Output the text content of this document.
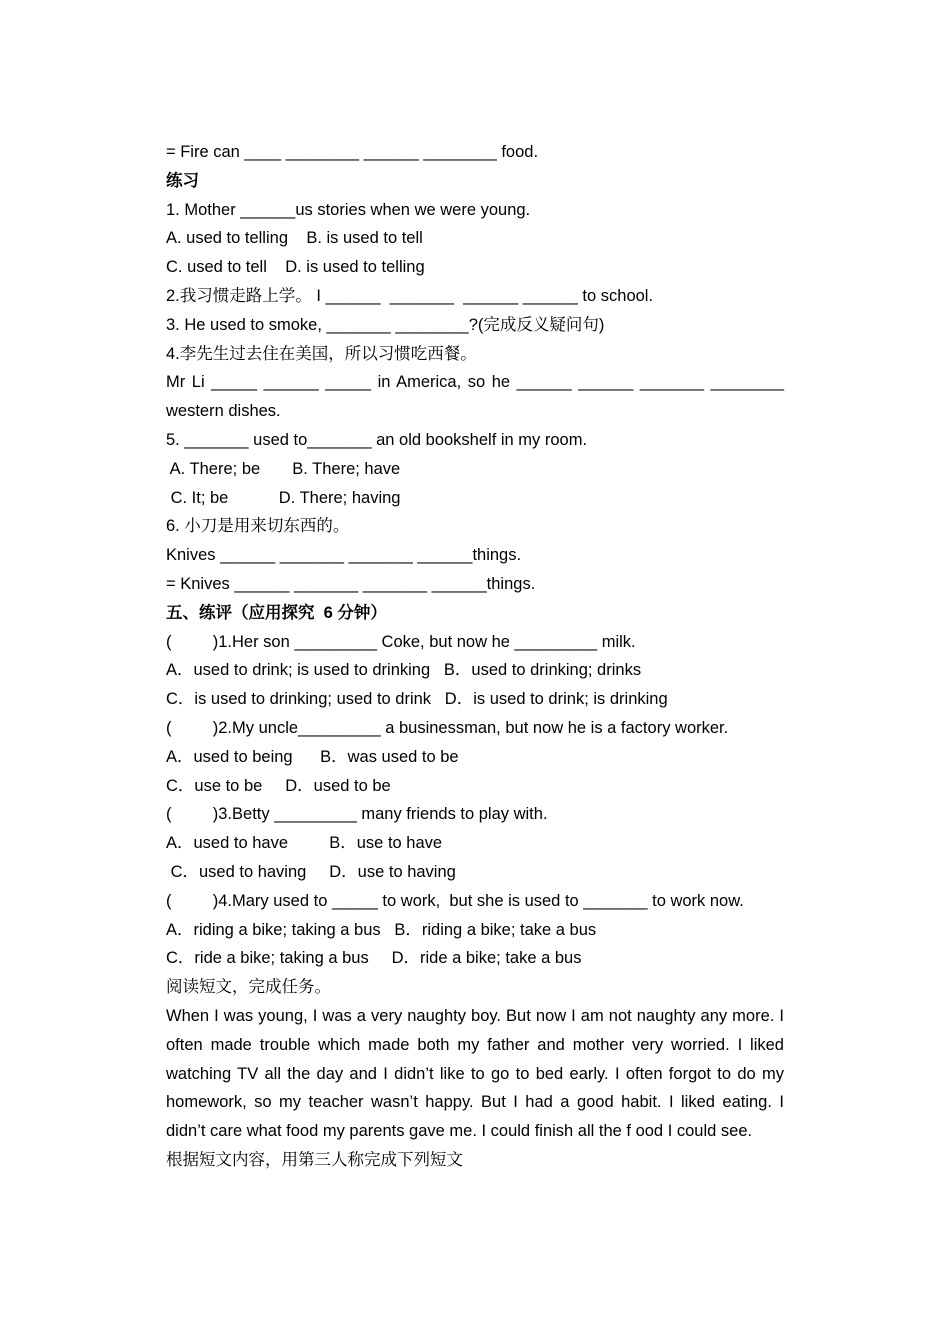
= Fire can ____ ________ ______ ________ food.
练习
1. Mother ______us stories when we were young.
A. used to telling    B. is used to tell
C. used to tell    D. is used to telling
2.我习惯走路上学。 I ______  _______  ______ ______ to school.
3. He used to smoke, _______ ________?(完成反义疑问句)
4.李先生过去住在美国，所以习惯吃西餐。
Mr Li _____ ______ _____ in America, so he ______ ______ _______ ________
western dishes.
5. _______ used to_______ an old bookshelf in my room.
A. There; be       B. There; have
C. It; be           D. There; having
6. 小刀是用来切东西的。
Knives ______ _______ _______ ______things.
= Knives ______ _______ _______ ______things.
五、练评（应用探究  6 分钟）
(         )1.Her son _________ Coke, but now he _________ milk.
A．used to drink; is used to drinking   B．used to drinking; drinks
C．is used to drinking; used to drink   D．is used to drink; is drinking
(         )2.My uncle_________ a businessman, but now he is a factory worker.
A．used to being      B．was used to be
C．use to be     D．used to be
(         )3.Betty _________ many friends to play with.
A．used to have         B．use to have
C．used to having     D．use to having
(         )4.Mary used to _____ to work,  but she is used to _______ to work now.
A．riding a bike; taking a bus   B．riding a bike; take a bus
C．ride a bike; taking a bus     D．ride a bike; take a bus
阅读短文，完成任务。
When I was young, I was a very naughty boy. But now I am not naughty any more. I often made trouble which made both my father and mother very worried. I liked watching TV all the day and I didn’t like to go to bed early. I often forgot to do my homework, so my teacher wasn’t happy. But I had a good habit. I liked eating. I didn’t care what food my parents gave me. I could finish all the f ood I could see.
根据短文内容，用第三人称完成下列短文
